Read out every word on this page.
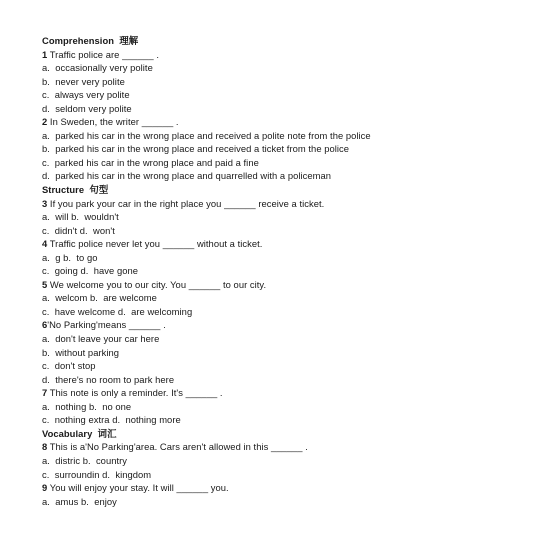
Comprehension  理解
1 Traffic police are ______ .
a.  occasionally very polite
b.  never very polite
c.  always very polite
d.  seldom very polite
2 In Sweden, the writer ______ .
a.  parked his car in the wrong place and received a polite note from the police
b.  parked his car in the wrong place and received a ticket from the police
c.  parked his car in the wrong place and paid a fine
d.  parked his car in the wrong place and quarrelled with a policeman
Structure  句型
3 If you park your car in the right place you ______ receive a ticket.
a.  will b.  wouldn't
c.  didn't d.  won't
4 Traffic police never let you ______ without a ticket.
a.  g b.  to go
c.  going d.  have gone
5 We welcome you to our city. You ______ to our city.
a.  welcom b.  are welcome
c.  have welcome d.  are welcoming
6'No Parking'means ______ .
a.  don't leave your car here
b.  without parking
c.  don't stop
d.  there's no room to park here
7 This note is only a reminder. It's ______ .
a.  nothing b.  no one
c.  nothing extra d.  nothing more
Vocabulary  词汇
8 This is a'No Parking'area. Cars aren't allowed in this ______ .
a.  distric b.  country
c.  surroundin d.  kingdom
9 You will enjoy your stay. It will ______ you.
a.  amus b.  enjoy
